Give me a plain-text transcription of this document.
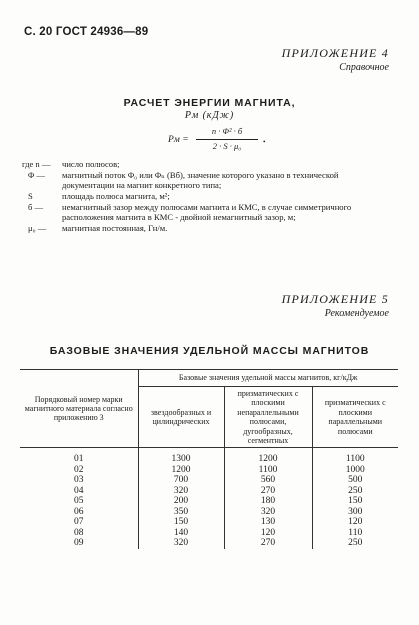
С. 20 ГОСТ 24936—89
ПРИЛОЖЕНИЕ 4
Справочное
РАСЧЕТ ЭНЕРГИИ МАГНИТА,
Pм (кДж)
Pм =
n · Φ² · б
2 · S · μ₀	•
где n — число полюсов;
Φ — магнитный поток Φ₀ или Φₙ (Вб), значение которого указано в технической документации на магнит конкретного типа;
S	площадь полюса магнита, м²;
б — немагнитный зазор между полюсами магнита и КМС, в случае симметричного расположения магнита в КМС - двойной немагнитный зазор, м;
μ₀ — магнитная постоянная, Гн/м.
ПРИЛОЖЕНИЕ 5
Рекомендуемое
БАЗОВЫЕ ЗНАЧЕНИЯ УДЕЛЬНОЙ МАССЫ МАГНИТОВ
Порядковый номер марки магнитного материала согласно приложению 3	Базовые значения удельной массы магнитов, кг/кДж		
	звездообразных и цилиндрических	призматических с плоскими непараллельными полюсами, дугообразных, сегментных	призматических с плоскими параллельными полюсами
01	1300	1200	1100
02	1200	1100	1000
03	700	560	500
04	320	270	250
05	200	180	150
06	350	320	300
07	150	130	120
08	140	120	110
09	320	270	250
